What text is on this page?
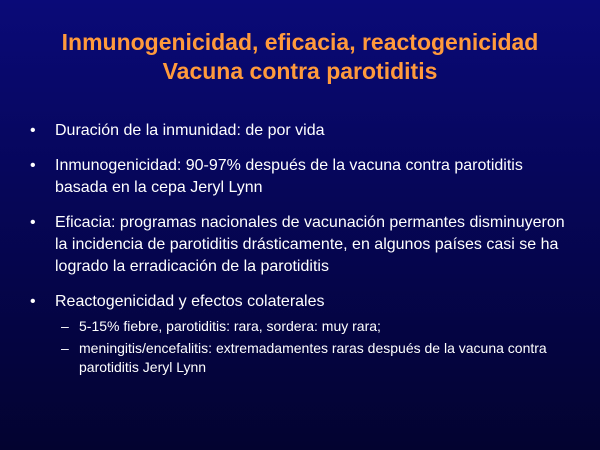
Inmunogenicidad, eficacia, reactogenicidad
Vacuna contra parotiditis
• Duración de la inmunidad: de por vida
• Inmunogenicidad: 90-97% después de la vacuna contra parotiditis basada en la cepa Jeryl Lynn
• Eficacia: programas nacionales de vacunación permantes disminuyeron la incidencia de parotiditis drásticamente, en algunos países casi se ha logrado la erradicación de la parotiditis
• Reactogenicidad y efectos colaterales
– 5-15% fiebre, parotiditis: rara, sordera: muy rara;
– meningitis/encefalitis: extremadamentes raras después de la vacuna contra parotiditis Jeryl Lynn
